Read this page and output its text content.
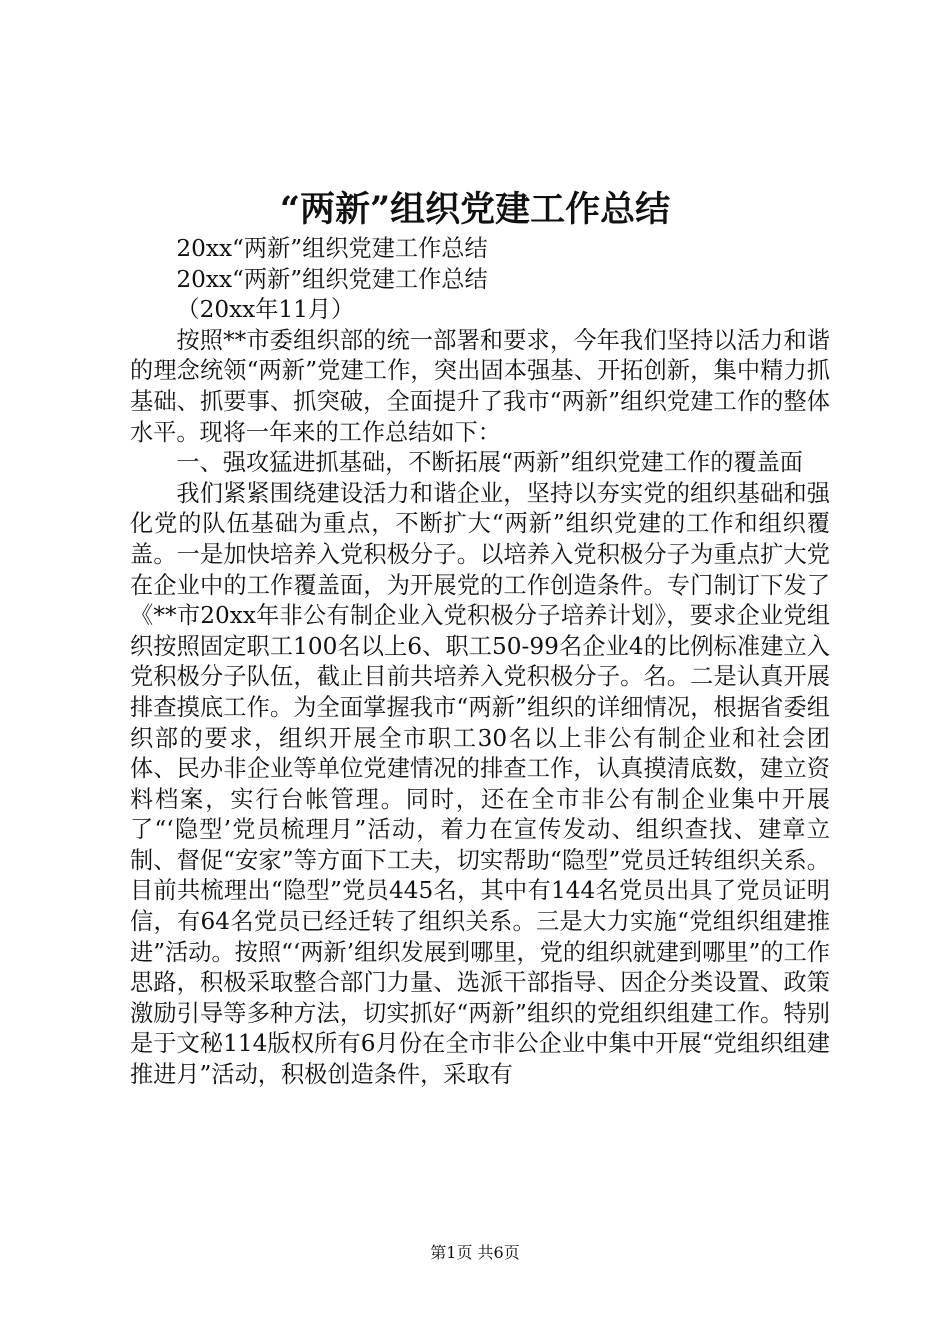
“两新”组织党建工作总结

20xx“两新”组织党建工作总结

20xx“两新”组织党建工作总结

（20xx年11月）

按照**市委组织部的统一部署和要求，今年我们坚持以活力和谐的理念统领“两新”党建工作，突出固本强基、开拓创新，集中精力抓基础、抓要事、抓突破，全面提升了我市“两新”组织党建工作的整体水平。现将一年来的工作总结如下：

一、强攻猛进抓基础，不断拓展“两新”组织党建工作的覆盖面

我们紧紧围绕建设活力和谐企业，坚持以夯实党的组织基础和强化党的队伍基础为重点，不断扩大“两新”组织党建的工作和组织覆盖。一是加快培养入党积极分子。以培养入党积极分子为重点扩大党在企业中的工作覆盖面，为开展党的工作创造条件。专门制订下发了《**市20xx年非公有制企业入党积极分子培养计划》，要求企业党组织按照固定职工100名以上6、职工50-99名企业4的比例标准建立入党积极分子队伍，截止目前共培养入党积极分子。名。二是认真开展排查摸底工作。为全面掌握我市“两新”组织的详细情况，根据省委组织部的要求，组织开展全市职工30名以上非公有制企业和社会团体、民办非企业等单位党建情况的排查工作，认真摸清底数，建立资料档案，实行台帐管理。同时，还在全市非公有制企业集中开展了“‘隐型’党员梳理月”活动，着力在宣传发动、组织查找、建章立制、督促“安家”等方面下工夫，切实帮助“隐型”党员迁转组织关系。目前共梳理出“隐型”党员445名，其中有144名党员出具了党员证明信，有64名党员已经迁转了组织关系。三是大力实施“党组织组建推进”活动。按照“‘两新’组织发展到哪里，党的组织就建到哪里”的工作思路，积极采取整合部门力量、选派干部指导、因企分类设置、政策激励引导等多种方法，切实抓好“两新”组织的党组织组建工作。特别是于文秘114版权所有6月份在全市非公企业中集中开展“党组织组建推进月”活动，积极创造条件，采取有

第1页 共6页
